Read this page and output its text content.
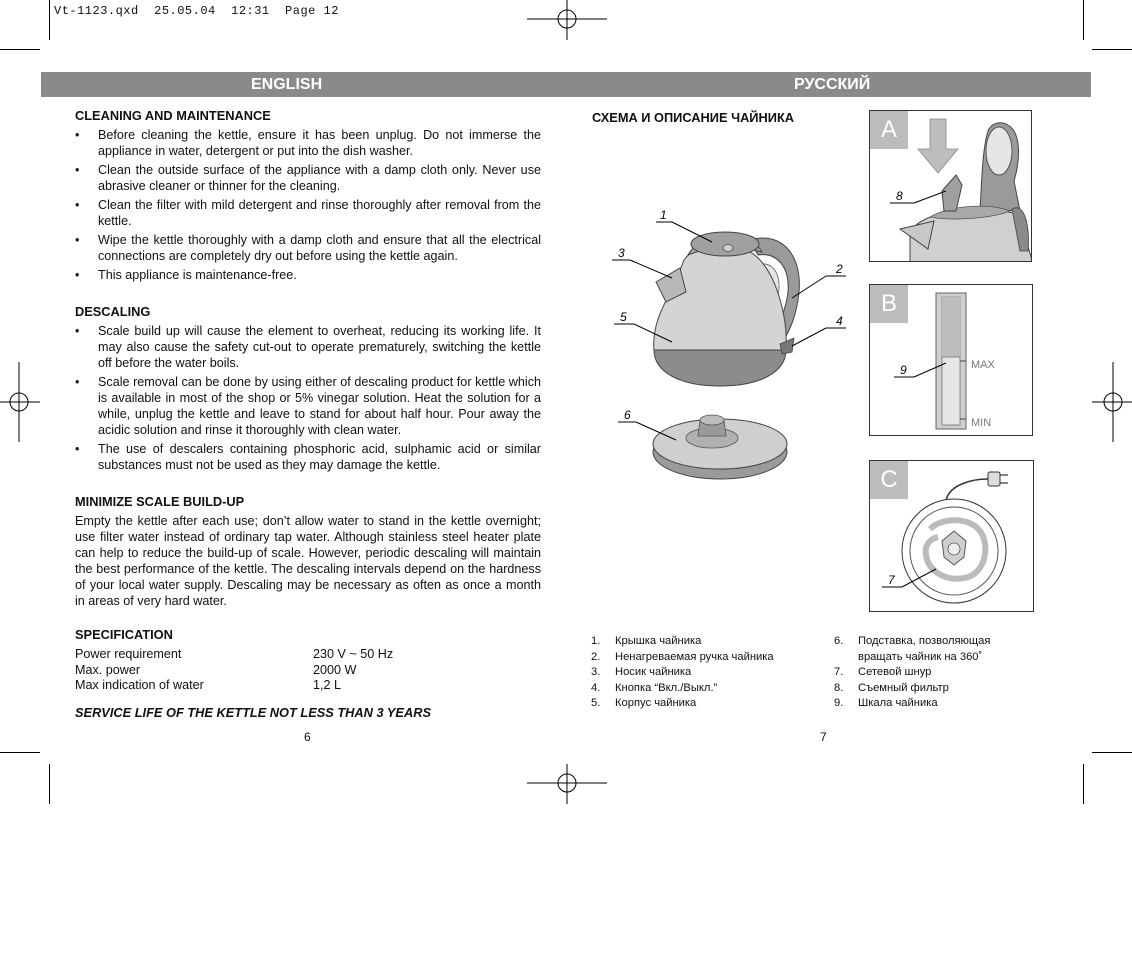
Vt-1123.qxd  25.05.04  12:31  Page 12
ENGLISH	РУССКИЙ
CLEANING AND MAINTENANCE
• Before cleaning the kettle, ensure it has been unplug. Do not immerse the appliance in water, detergent or put into the dish washer.
• Clean the outside surface of the appliance with a damp cloth only. Never use abrasive cleaner or thinner for the cleaning.
• Clean the filter with mild detergent and rinse thoroughly after removal from the kettle.
• Wipe the kettle thoroughly with a damp cloth and ensure that all the electrical connections are completely dry out before using the kettle again.
• This appliance is maintenance-free.
DESCALING
• Scale build up will cause the element to overheat, reducing its working life. It may also cause the safety cut-out to operate prematurely, switching the kettle off before the water boils.
• Scale removal can be done by using either of descaling product for kettle which is available in most of the shop or 5% vinegar solution. Heat the solution for a while, unplug the kettle and leave to stand for about half hour. Pour away the acidic solution and rinse it thoroughly with clean water.
• The use of descalers containing phosphoric acid, sulphamic acid or similar substances must not be used as they may damage the kettle.
MINIMIZE SCALE BUILD-UP
Empty the kettle after each use; don’t allow water to stand in the kettle overnight; use filter water instead of ordinary tap water. Although stainless steel heater plate can help to reduce the build-up of scale. However, periodic descaling will maintain the best performance of the kettle. The descaling intervals depend on the hardness of your local water supply. Descaling may be necessary as often as once a month in areas of very hard water.
SPECIFICATION
Power requirement	230 V ~ 50 Hz
Max. power	2000 W
Max indication of water	1,2 L
SERVICE LIFE OF THE KETTLE NOT LESS THAN 3 YEARS
6	7
СХЕМА И ОПИСАНИЕ ЧАЙНИКА
1
3
5
2
4
6
8
A
9	MAX
MIN
B
7
C
1.	Крышка чайника
2.	Ненагреваемая ручка чайника
3.	Носик чайника
4.	Кнопка “Вкл./Выкл.”
5.	Корпус чайника
6.	Подставка, позволяющая
вращать чайник на 360˚
7.	Сетевой шнур
8.	Съемный фильтр
9.	Шкала чайника
